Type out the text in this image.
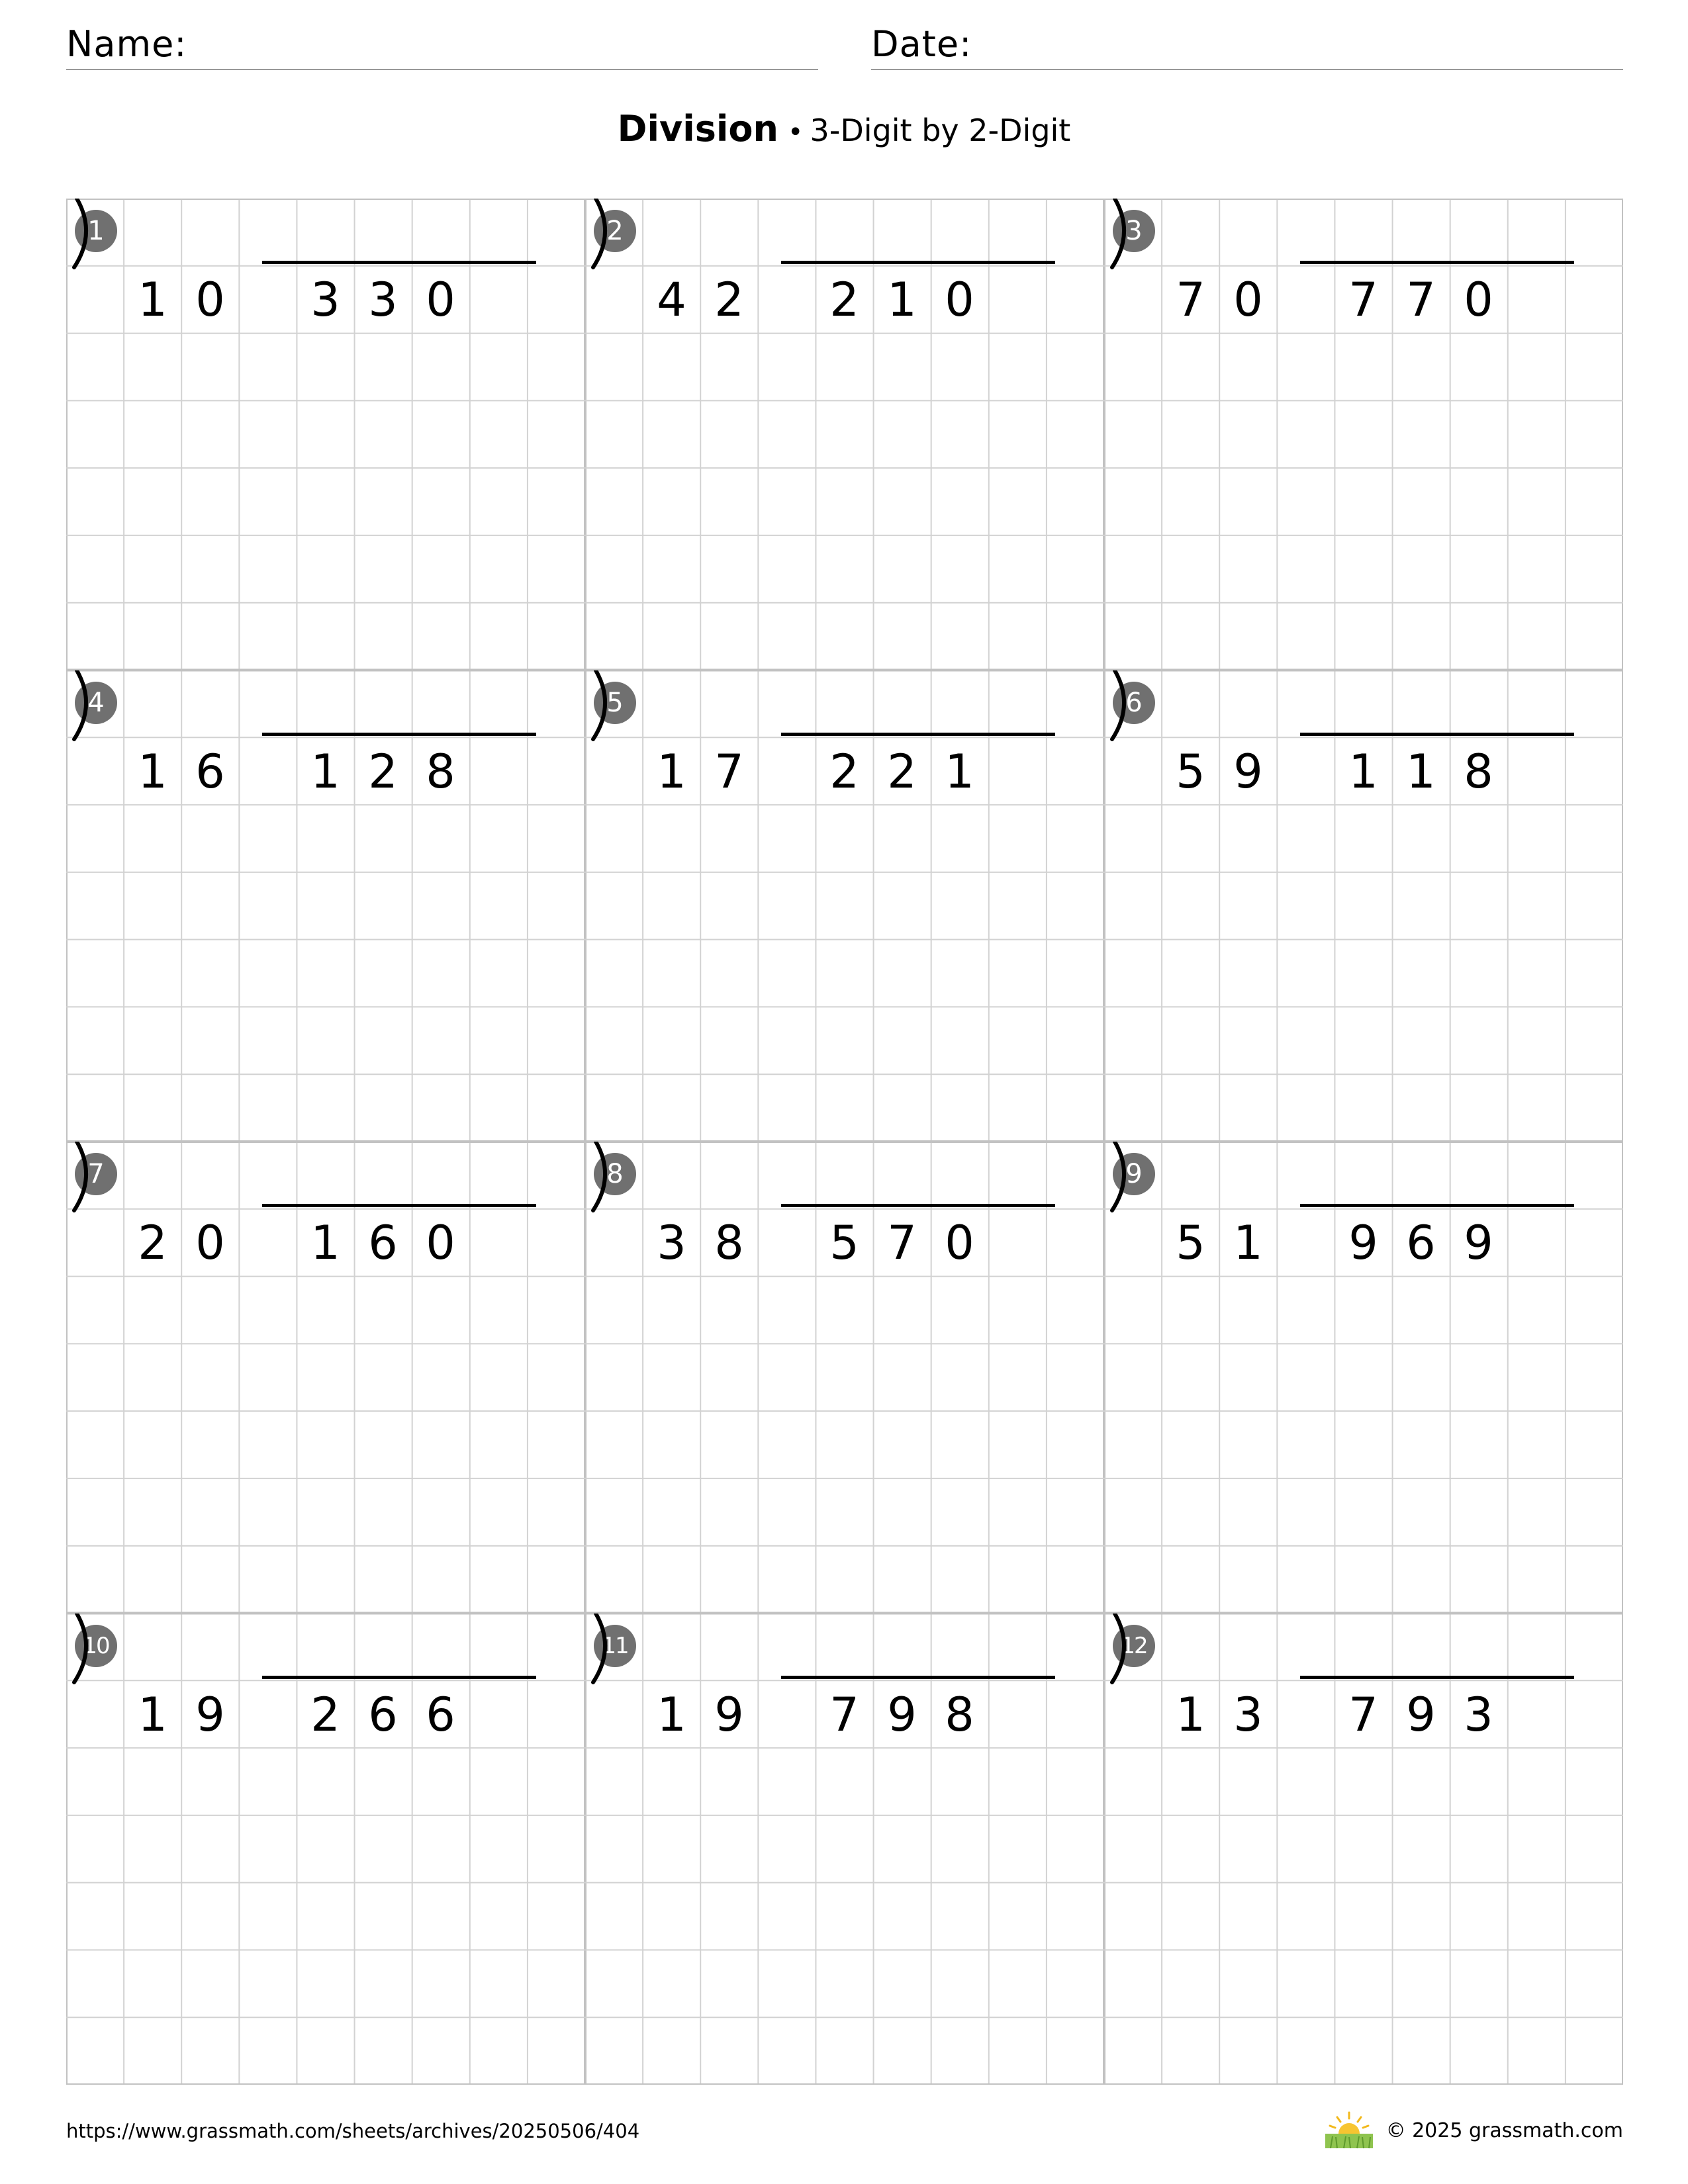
Name:	Date:
Division • 3-Digit by 2-Digit
1
1 0	3 3 0
2
4 2	2 1 0
3
7 0	7 7 0
4
1 6	1 2 8
5
1 7	2 2 1
6
5 9	1 1 8
7
2 0	1 6 0
8
3 8	5 7 0
9
5 1	9 6 9
10
1 9	2 6 6
11
1 9	7 9 8
12
1 3	7 9 3
https://www.grassmath.com/sheets/archives/20250506/404	© 2025 grassmath.com
